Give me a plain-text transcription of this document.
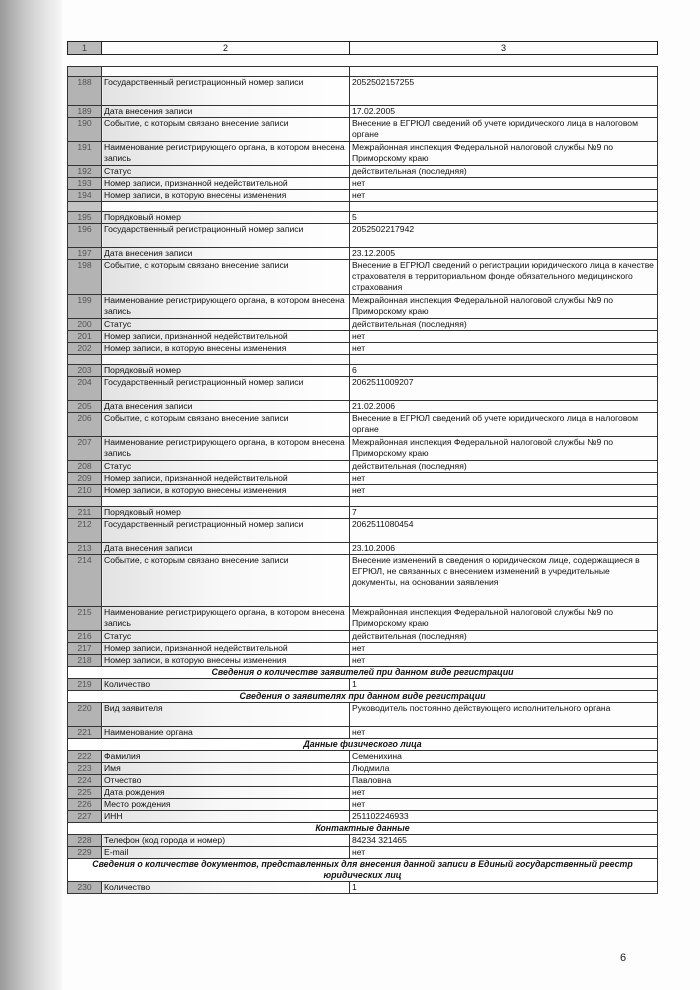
1	2	3

188	Государственный регистрационный номер записи	2052502157255
189	Дата внесения записи	17.02.2005
190	Событие, с которым связано внесение записи	Внесение в ЕГРЮЛ сведений об учете юридического лица в налоговом органе
191	Наименование регистрирующего органа, в котором внесена запись	Межрайонная инспекция Федеральной налоговой службы №9 по Приморскому краю
192	Статус	действительная (последняя)
193	Номер записи, признанной недействительной	нет
194	Номер записи, в которую внесены изменения	нет

195	Порядковый номер	5
196	Государственный регистрационный номер записи	2052502217942
197	Дата внесения записи	23.12.2005
198	Событие, с которым связано внесение записи	Внесение в ЕГРЮЛ сведений о регистрации юридического лица в качестве страхователя в территориальном фонде обязательного медицинского страхования
199	Наименование регистрирующего органа, в котором внесена запись	Межрайонная инспекция Федеральной налоговой службы №9 по Приморскому краю
200	Статус	действительная (последняя)
201	Номер записи, признанной недействительной	нет
202	Номер записи, в которую внесены изменения	нет

203	Порядковый номер	6
204	Государственный регистрационный номер записи	2062511009207
205	Дата внесения записи	21.02.2006
206	Событие, с которым связано внесение записи	Внесение в ЕГРЮЛ сведений об учете юридического лица в налоговом органе
207	Наименование регистрирующего органа, в котором внесена запись	Межрайонная инспекция Федеральной налоговой службы №9 по Приморскому краю
208	Статус	действительная (последняя)
209	Номер записи, признанной недействительной	нет
210	Номер записи, в которую внесены изменения	нет

211	Порядковый номер	7
212	Государственный регистрационный номер записи	2062511080454
213	Дата внесения записи	23.10.2006
214	Событие, с которым связано внесение записи	Внесение изменений в сведения о юридическом лице, содержащиеся в ЕГРЮЛ, не связанных с внесением изменений в учредительные документы, на основании заявления
215	Наименование регистрирующего органа, в котором внесена запись	Межрайонная инспекция Федеральной налоговой службы №9 по Приморскому краю
216	Статус	действительная (последняя)
217	Номер записи, признанной недействительной	нет
218	Номер записи, в которую внесены изменения	нет
Сведения о количестве заявителей при данном виде регистрации		
219	Количество	1
Сведения о заявителях при данном виде регистрации		
220	Вид заявителя	Руководитель постоянно действующего исполнительного органа
221	Наименование органа	нет
Данные физического лица		
222	Фамилия	Семенихина
223	Имя	Людмила
224	Отчество	Павловна
225	Дата рождения	нет
226	Место рождения	нет
227	ИНН	251102246933
Контактные данные		
228	Телефон (код города и номер)	84234 321465
229	E-mail	нет
Сведения о количестве документов, представленных для внесения данной записи в Единый государственный реестр юридических лиц		
230	Количество	1
6
